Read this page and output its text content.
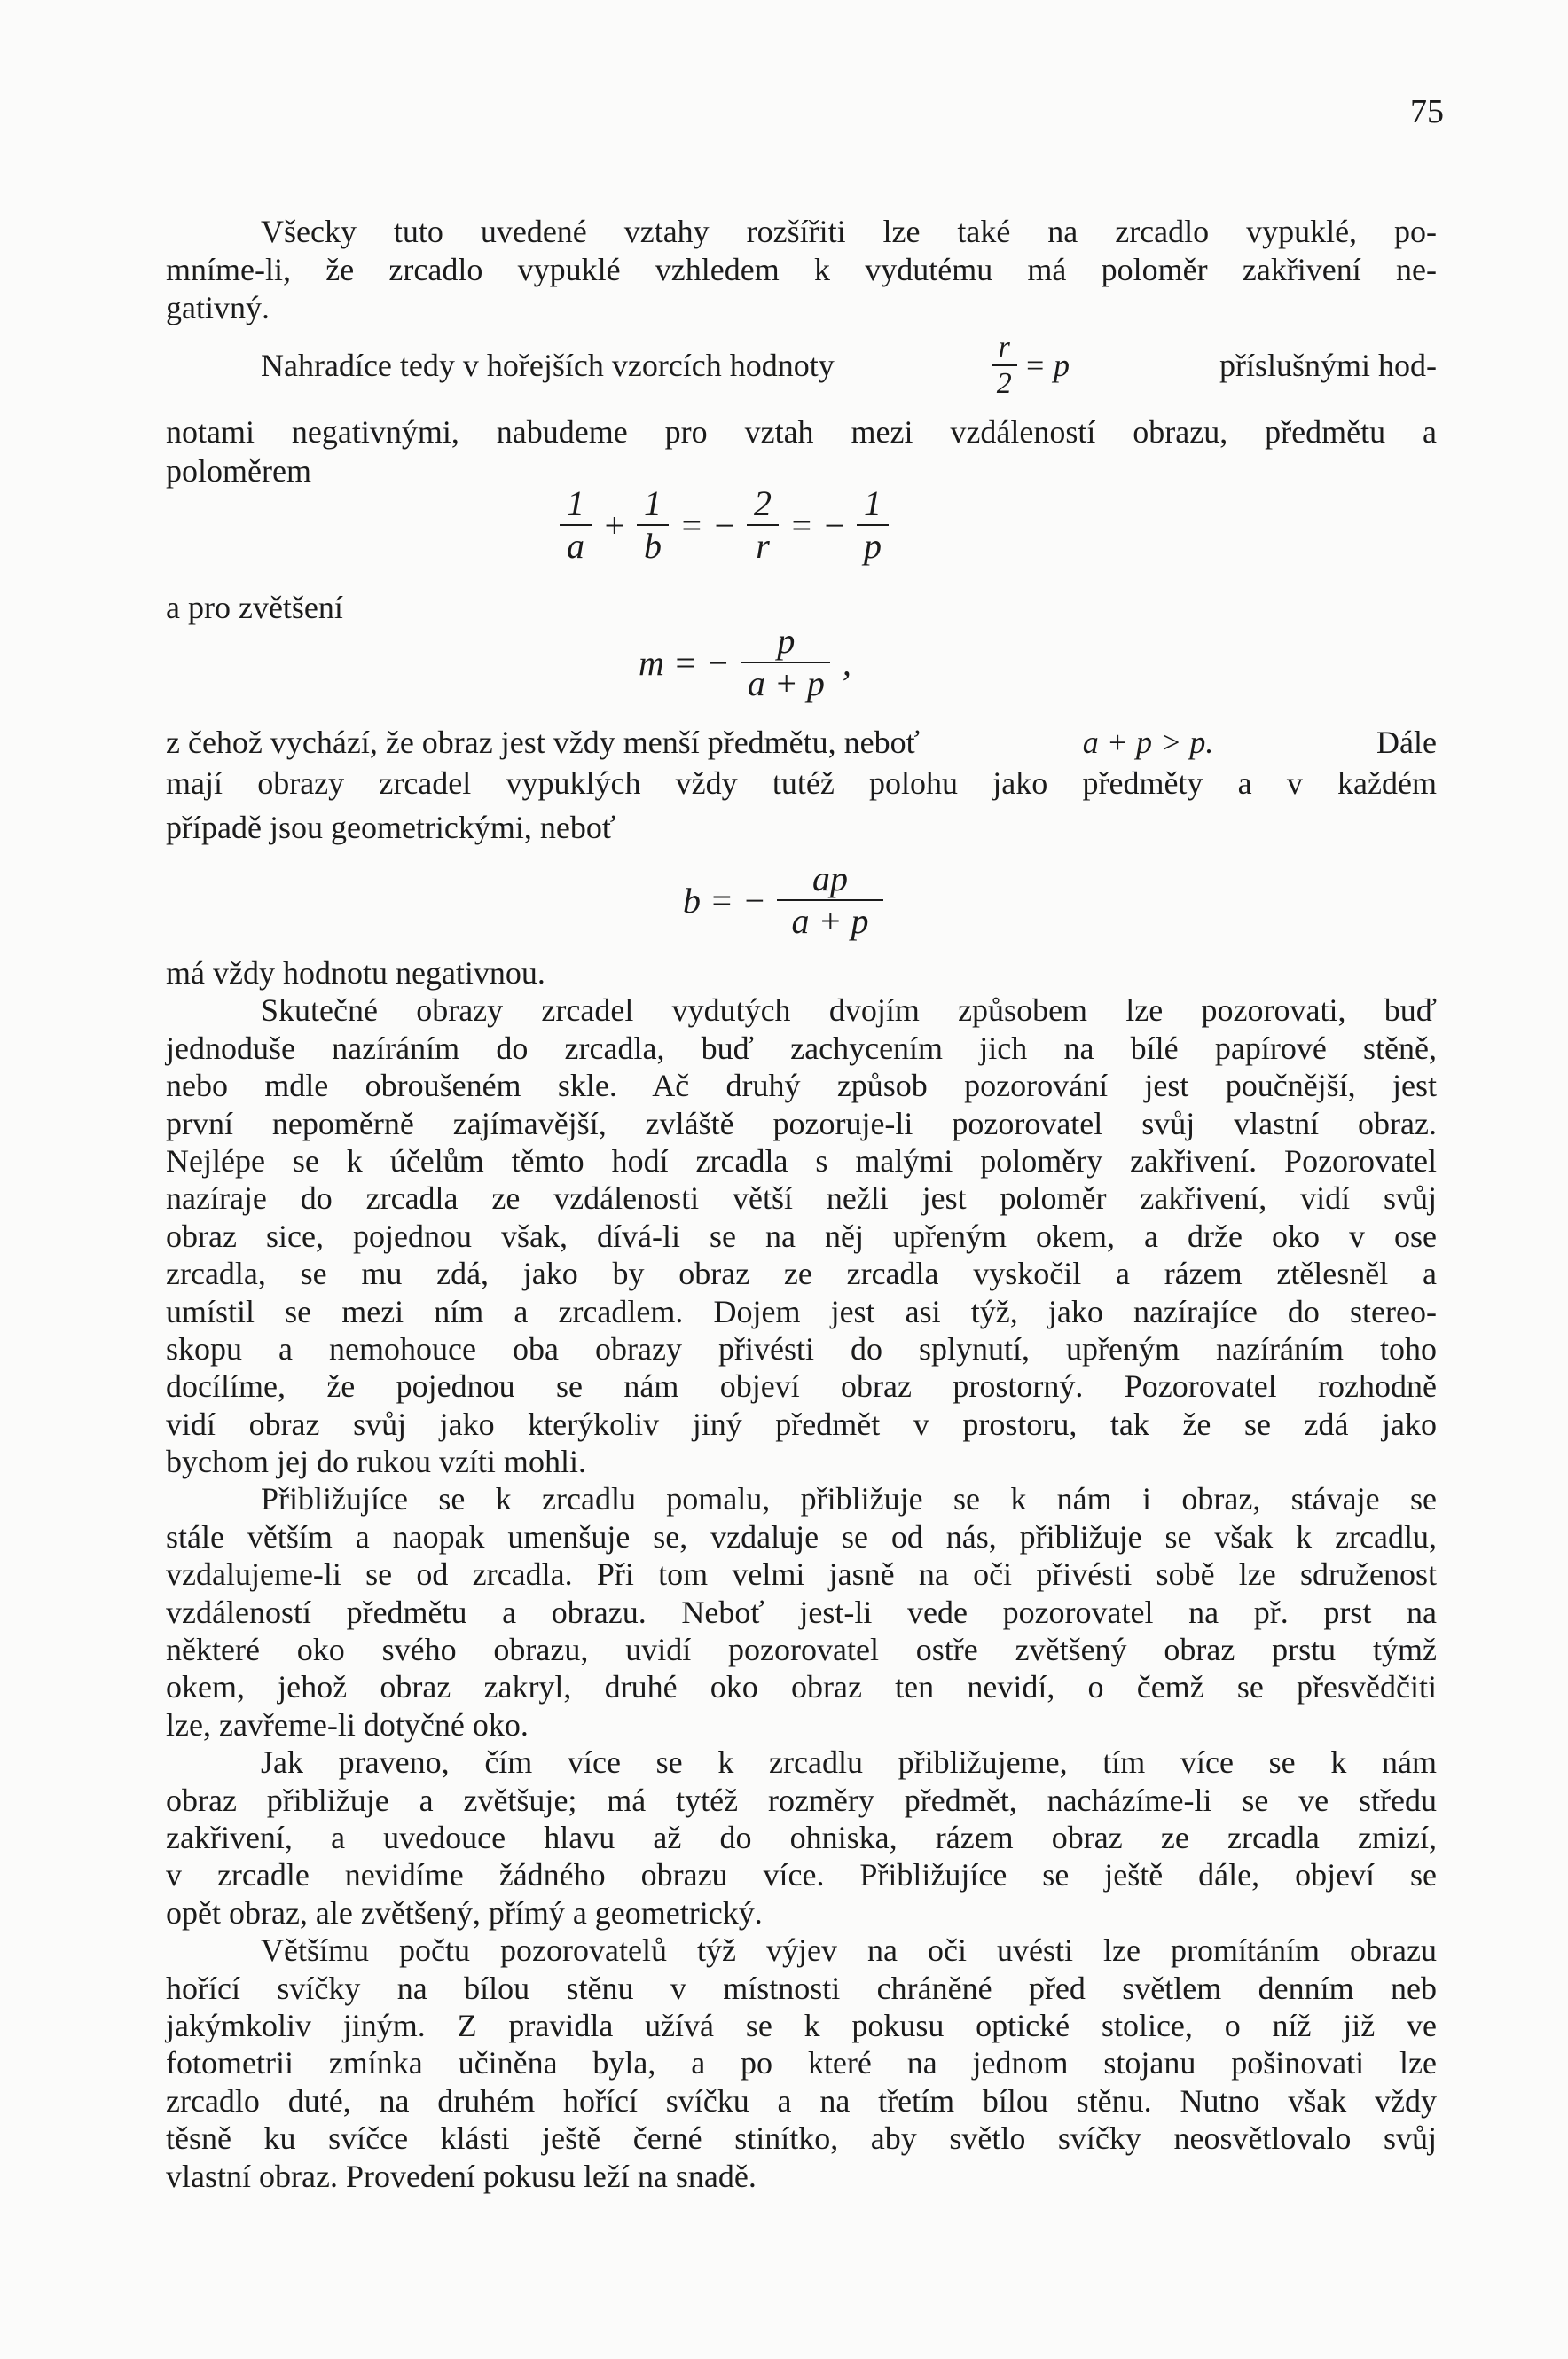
75
Všecky tuto uvedené vztahy rozšířiti lze také na zrcadlo vypuklé, po-
mníme-li, že zrcadlo vypuklé vzhledem k vydutému má poloměr zakřivení ne-
gativný.
Nahradíce tedy v hořejších vzorcích hodnoty	$\frac{r}{2} = p$	příslušnými hod-
notami negativnými, nabudeme pro vztah mezi vzdáleností obrazu, předmětu a
poloměrem
$\frac{1}{a} + \frac{1}{b}$ = − $\frac{2}{r}$ = − $\frac{1}{p}$
a pro zvětšení
m = − $\frac{p}{a + p}$ ,
z čehož vychází, že obraz jest vždy menší předmětu, neboť	a + p > p.	Dále
mají obrazy zrcadel vypuklých vždy tutéž polohu jako předměty a v každém
případě jsou geometrickými, neboť
b = − $\frac{ap}{a + p}$
má vždy hodnotu negativnou.
Skutečné obrazy zrcadel vydutých dvojím způsobem lze pozorovati, buď
jednoduše nazíráním do zrcadla, buď zachycením jich na bílé papírové stěně,
nebo mdle obroušeném skle. Ač druhý způsob pozorování jest poučnější, jest
první nepoměrně zajímavější, zvláště pozoruje-li pozorovatel svůj vlastní obraz.
Nejlépe se k účelům těmto hodí zrcadla s malými poloměry zakřivení. Pozorovatel
nazíraje do zrcadla ze vzdálenosti větší nežli jest poloměr zakřivení, vidí svůj
obraz sice, pojednou však, dívá-li se na něj upřeným okem, a drže oko v ose
zrcadla, se mu zdá, jako by obraz ze zrcadla vyskočil a rázem ztělesněl a
umístil se mezi ním a zrcadlem. Dojem jest asi týž, jako nazírajíce do stereo-
skopu a nemohouce oba obrazy přivésti do splynutí, upřeným nazíráním toho
docílíme, že pojednou se nám objeví obraz prostorný. Pozorovatel rozhodně
vidí obraz svůj jako kterýkoliv jiný předmět v prostoru, tak že se zdá jako
bychom jej do rukou vzíti mohli.
Přibližujíce se k zrcadlu pomalu, přibližuje se k nám i obraz, stávaje se
stále větším a naopak umenšuje se, vzdaluje se od nás, přibližuje se však k zrcadlu,
vzdalujeme-li se od zrcadla. Při tom velmi jasně na oči přivésti sobě lze sdruženost
vzdáleností předmětu a obrazu. Neboť jest-li vede pozorovatel na př. prst na
některé oko svého obrazu, uvidí pozorovatel ostře zvětšený obraz prstu týmž
okem, jehož obraz zakryl, druhé oko obraz ten nevidí, o čemž se přesvědčiti
lze, zavřeme-li dotyčné oko.
Jak praveno, čím více se k zrcadlu přibližujeme, tím více se k nám
obraz přibližuje a zvětšuje; má tytéž rozměry předmět, nacházíme-li se ve středu
zakřivení, a uvedouce hlavu až do ohniska, rázem obraz ze zrcadla zmizí,
v zrcadle nevidíme žádného obrazu více. Přibližujíce se ještě dále, objeví se
opět obraz, ale zvětšený, přímý a geometrický.
Většímu počtu pozorovatelů týž výjev na oči uvésti lze promítáním obrazu
hořící svíčky na bílou stěnu v místnosti chráněné před světlem denním neb
jakýmkoliv jiným. Z pravidla užívá se k pokusu optické stolice, o níž již ve
fotometrii zmínka učiněna byla, a po které na jednom stojanu pošinovati lze
zrcadlo duté, na druhém hořící svíčku a na třetím bílou stěnu. Nutno však vždy
těsně ku svíčce klásti ještě černé stinítko, aby světlo svíčky neosvětlovalo svůj
vlastní obraz. Provedení pokusu leží na snadě.
